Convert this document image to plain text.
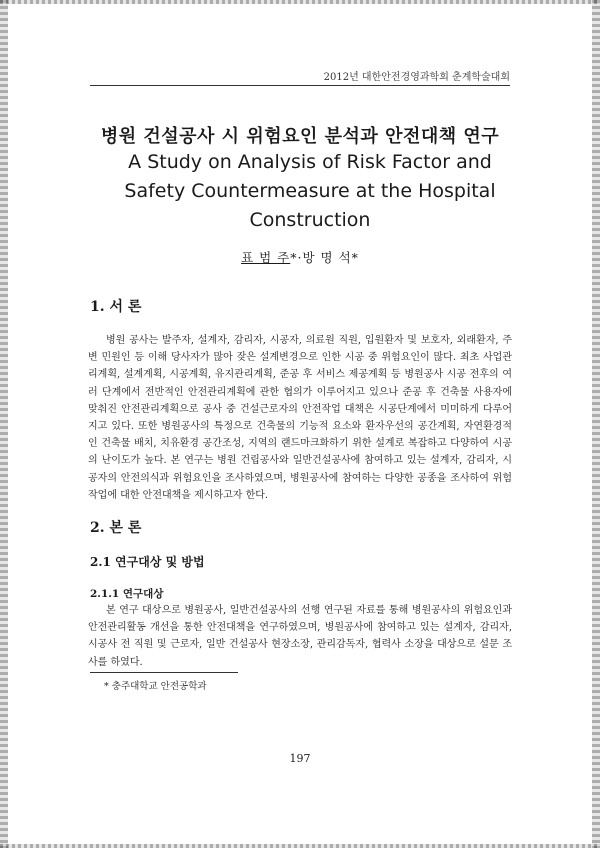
2012년 대한안전경영과학회 춘계학술대회
병원 건설공사 시 위험요인 분석과 안전대책 연구
A Study on Analysis of Risk Factor and
Safety Countermeasure at the Hospital
Construction
표 범 주*·방 명 석*
1. 서 론
병원 공사는 발주자, 설계자, 감리자, 시공자, 의료원 직원, 입원환자 및 보호자, 외래환자, 주변 민원인 등 이해 당사자가 많아 잦은 설계변경으로 인한 시공 중 위험요인이 많다. 최초 사업관리계획, 설계계획, 시공계획, 유지관리계획, 준공 후 서비스 제공계획 등 병원공사 시공 전후의 여러 단계에서 전반적인 안전관리계획에 관한 협의가 이루어지고 있으나 준공 후 건축물 사용자에 맞춰진 안전관리계획으로 공사 중 건설근로자의 안전작업 대책은 시공단계에서 미미하게 다루어지고 있다. 또한 병원공사의 특정으로 건축물의 기능적 요소와 환자우선의 공간계획, 자연환경적인 건축물 배치, 치유환경 공간조성, 지역의 랜드마크화하기 위한 설계로 복잡하고 다양하여 시공의 난이도가 높다. 본 연구는 병원 건립공사와 일반건설공사에 참여하고 있는 설계자, 감리자, 시공자의 안전의식과 위험요인을 조사하였으며, 병원공사에 참여하는 다양한 공종을 조사하여 위험작업에 대한 안전대책을 제시하고자 한다.
2. 본 론
2.1 연구대상 및 방법
2.1.1 연구대상
본 연구 대상으로 병원공사, 일반건설공사의 선행 연구된 자료를 통해 병원공사의 위험요인과 안전관리활동 개선을 통한 안전대책을 연구하였으며, 병원공사에 참여하고 있는 설계자, 감리자, 시공사 전 직원 및 근로자, 일반 건설공사 현장소장, 관리감독자, 협력사 소장을 대상으로 설문 조사를 하였다.
* 충주대학교 안전공학과
197
